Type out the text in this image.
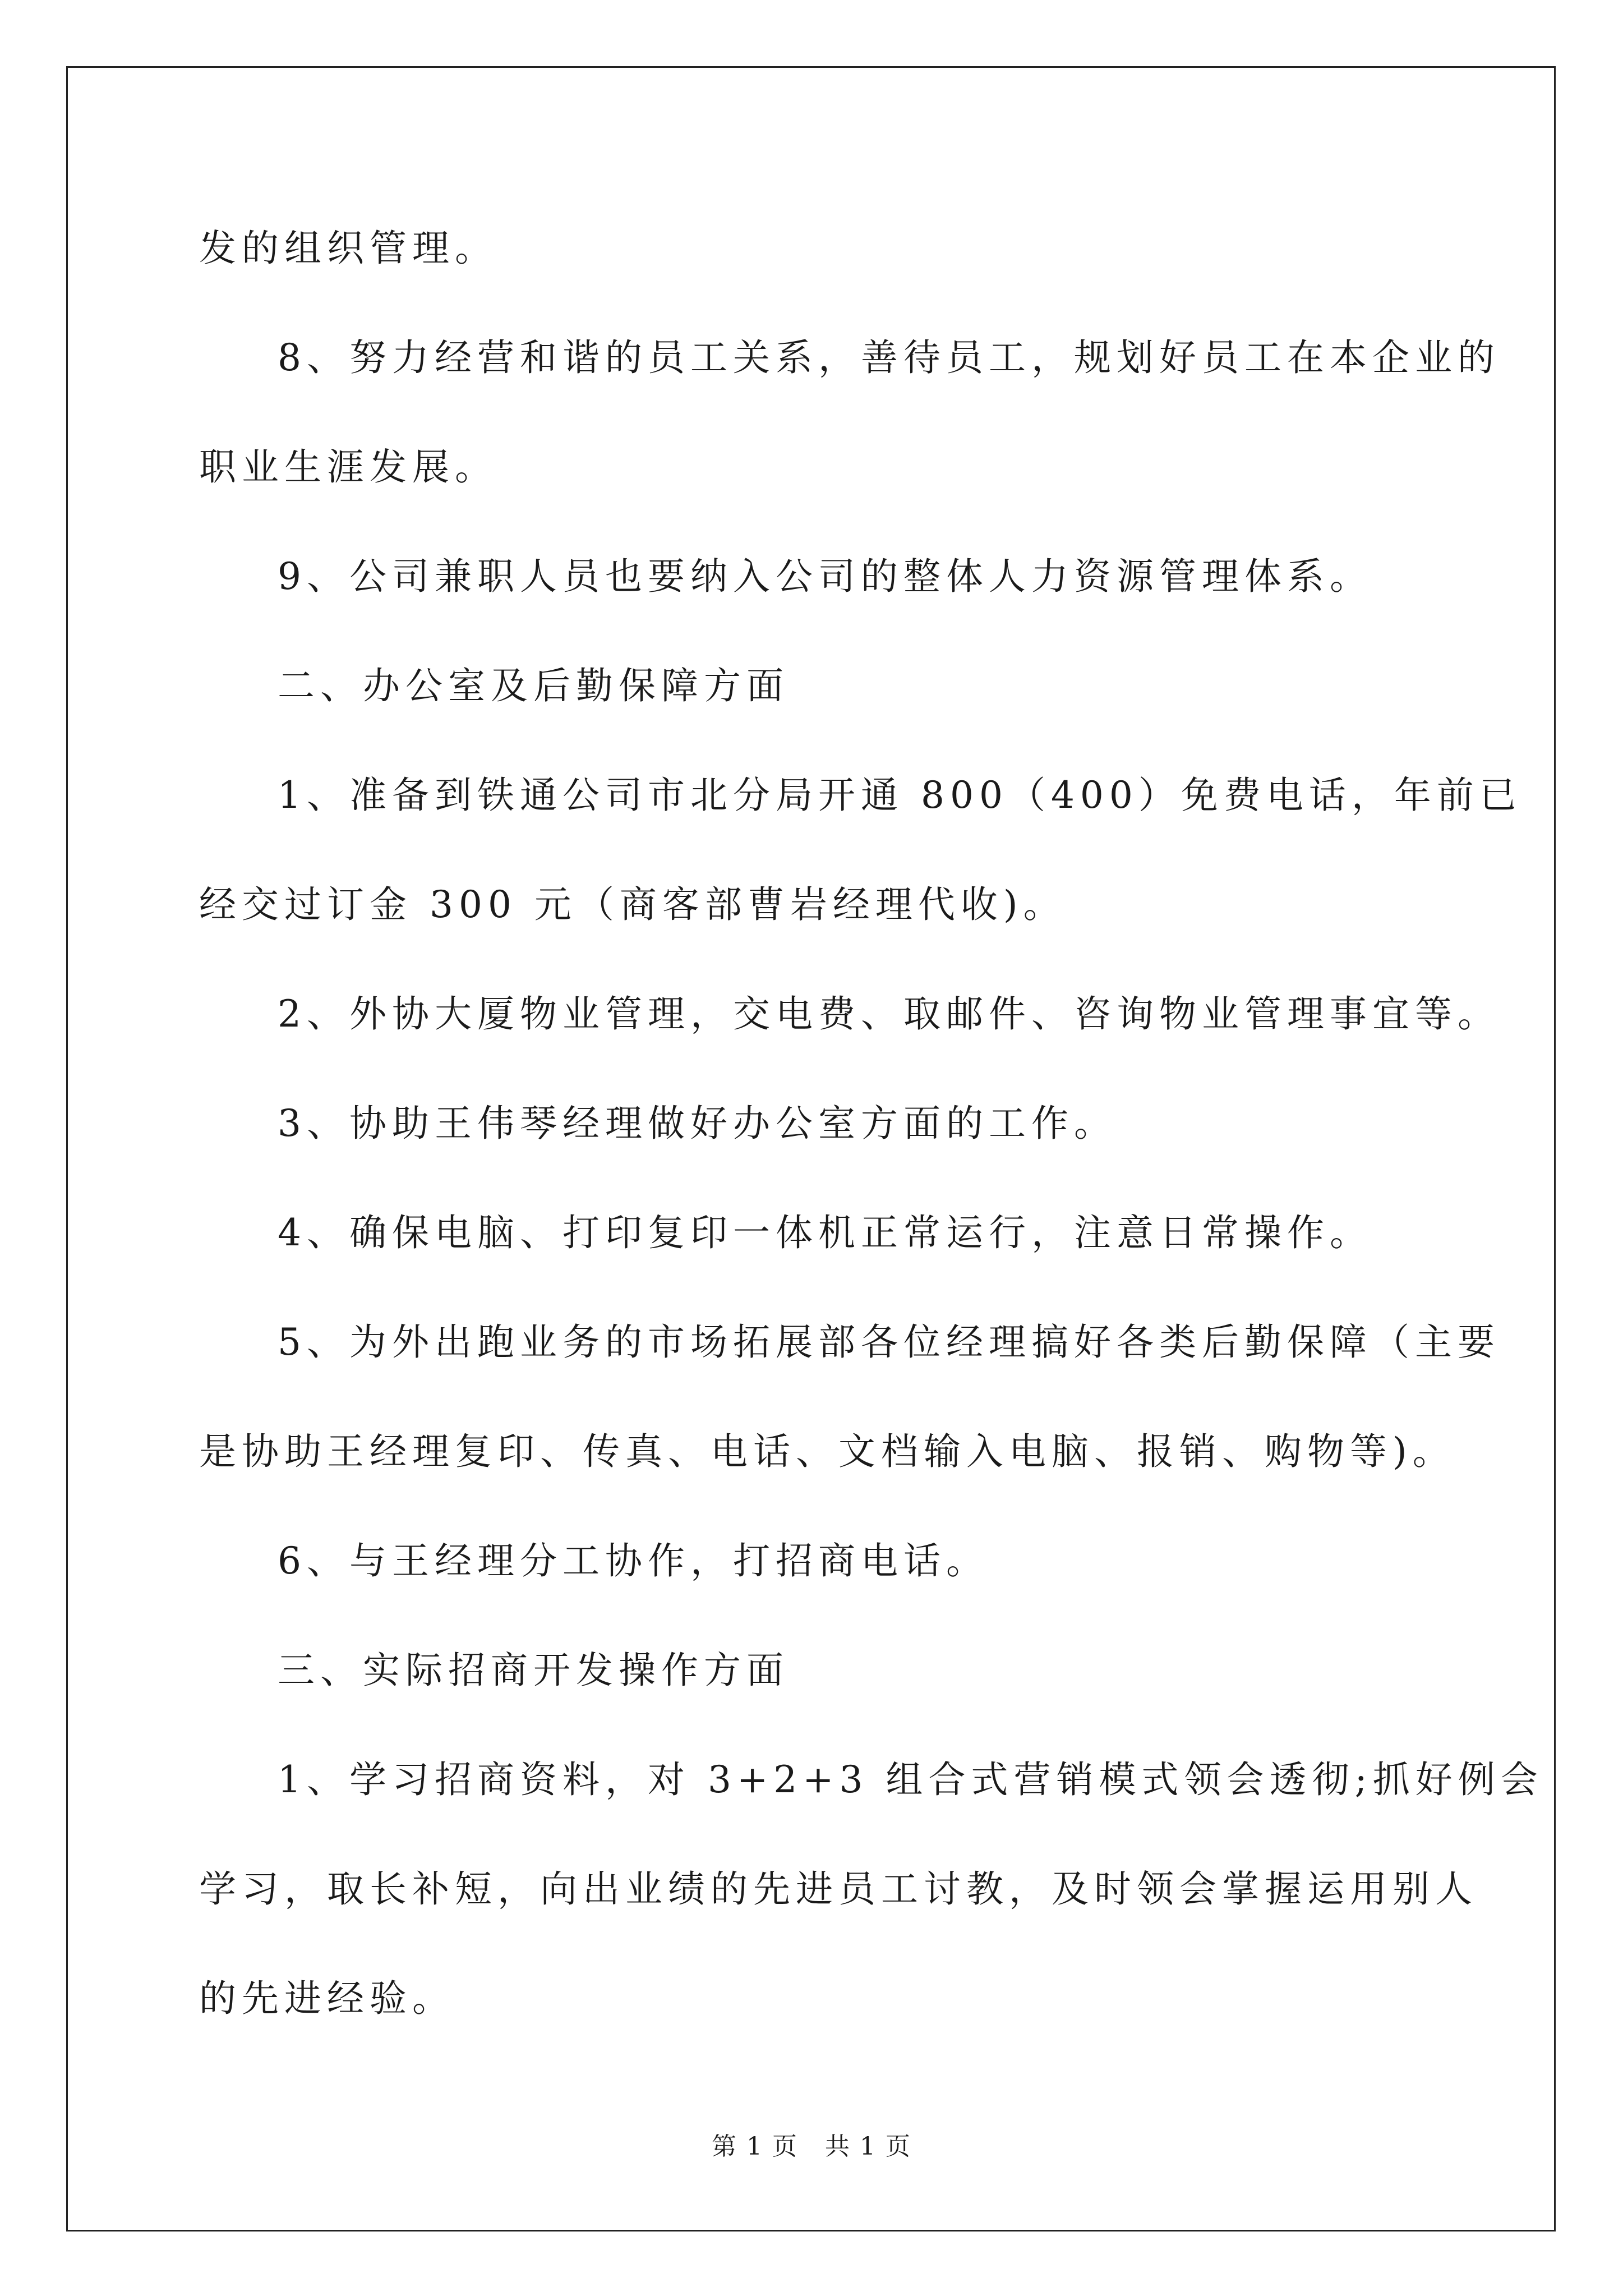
发的组织管理。
8、努力经营和谐的员工关系，善待员工，规划好员工在本企业的
职业生涯发展。
9、公司兼职人员也要纳入公司的整体人力资源管理体系。
二、办公室及后勤保障方面
1、准备到铁通公司市北分局开通 800（400）免费电话，年前已
经交过订金 300 元（商客部曹岩经理代收)。
2、外协大厦物业管理，交电费、取邮件、咨询物业管理事宜等。
3、协助王伟琴经理做好办公室方面的工作。
4、确保电脑、打印复印一体机正常运行，注意日常操作。
5、为外出跑业务的市场拓展部各位经理搞好各类后勤保障（主要
是协助王经理复印、传真、电话、文档输入电脑、报销、购物等)。
6、与王经理分工协作，打招商电话。
三、实际招商开发操作方面
1、学习招商资料，对 3+2+3 组合式营销模式领会透彻;抓好例会
学习，取长补短，向出业绩的先进员工讨教，及时领会掌握运用别人
的先进经验。
第 1 页   共 1 页
